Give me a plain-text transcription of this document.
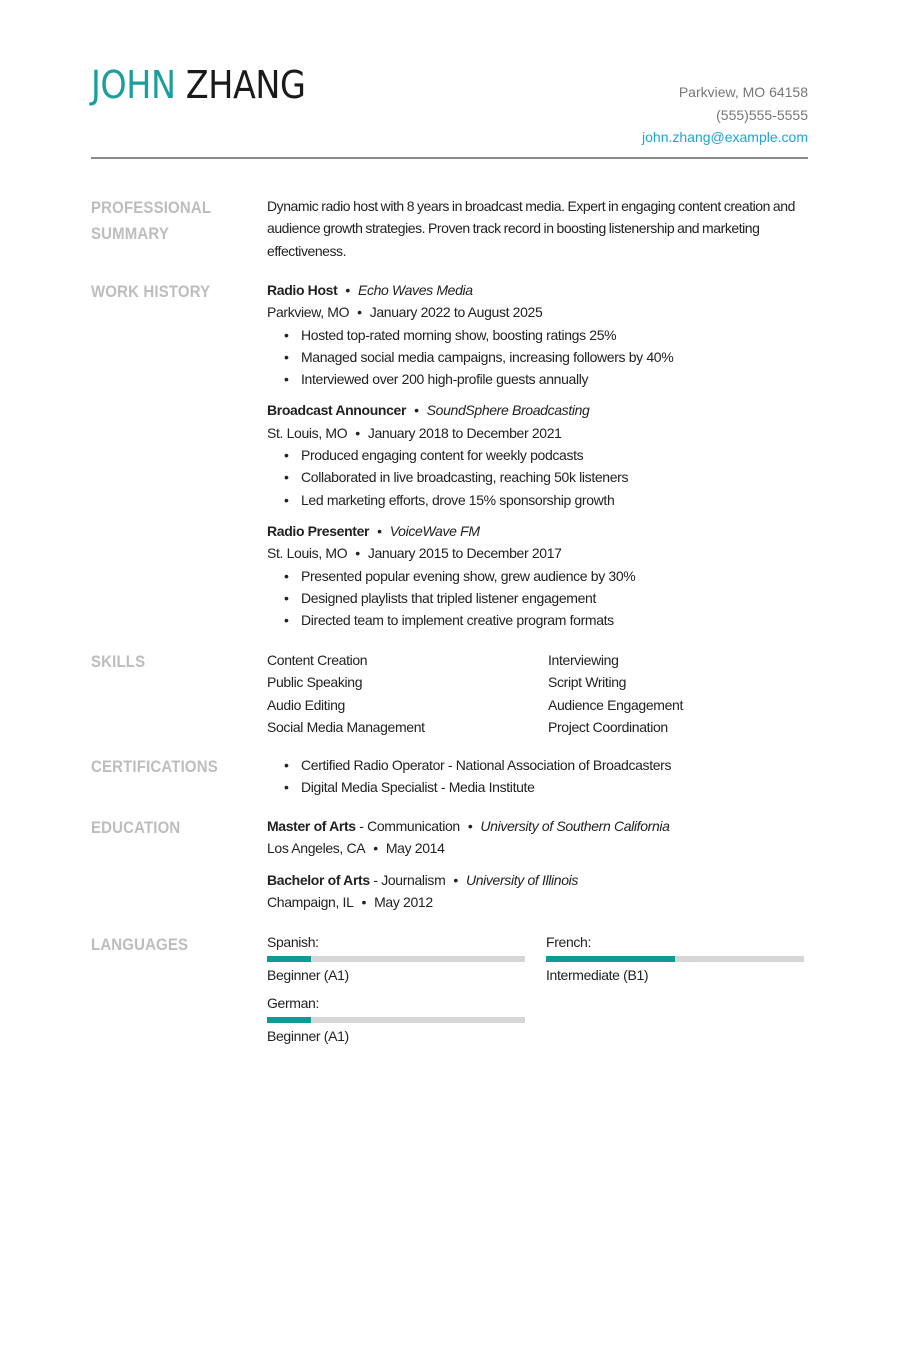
JOHN ZHANG	Parkview, MO 64158
(555)555-5555
john.zhang@example.com
PROFESSIONAL
SUMMARY
Dynamic radio host with 8 years in broadcast media. Expert in engaging content creation and audience growth strategies. Proven track record in boosting listenership and marketing effectiveness.
WORK HISTORY	Radio Host • Echo Waves Media
Parkview, MO • January 2022 to August 2025
• Hosted top-rated morning show, boosting ratings 25%
• Managed social media campaigns, increasing followers by 40%
• Interviewed over 200 high-profile guests annually
Broadcast Announcer • SoundSphere Broadcasting
St. Louis, MO • January 2018 to December 2021
• Produced engaging content for weekly podcasts
• Collaborated in live broadcasting, reaching 50k listeners
• Led marketing efforts, drove 15% sponsorship growth
Radio Presenter • VoiceWave FM
St. Louis, MO • January 2015 to December 2017
• Presented popular evening show, grew audience by 30%
• Designed playlists that tripled listener engagement
• Directed team to implement creative program formats
SKILLS	Content Creation	Interviewing
Public Speaking	Script Writing
Audio Editing	Audience Engagement
Social Media Management	Project Coordination
CERTIFICATIONS	• Certified Radio Operator - National Association of Broadcasters
• Digital Media Specialist - Media Institute
EDUCATION	Master of Arts - Communication • University of Southern California
Los Angeles, CA • May 2014
Bachelor of Arts - Journalism • University of Illinois
Champaign, IL • May 2012
LANGUAGES	Spanish:
Beginner (A1)
French:
Intermediate (B1)
German:
Beginner (A1)
